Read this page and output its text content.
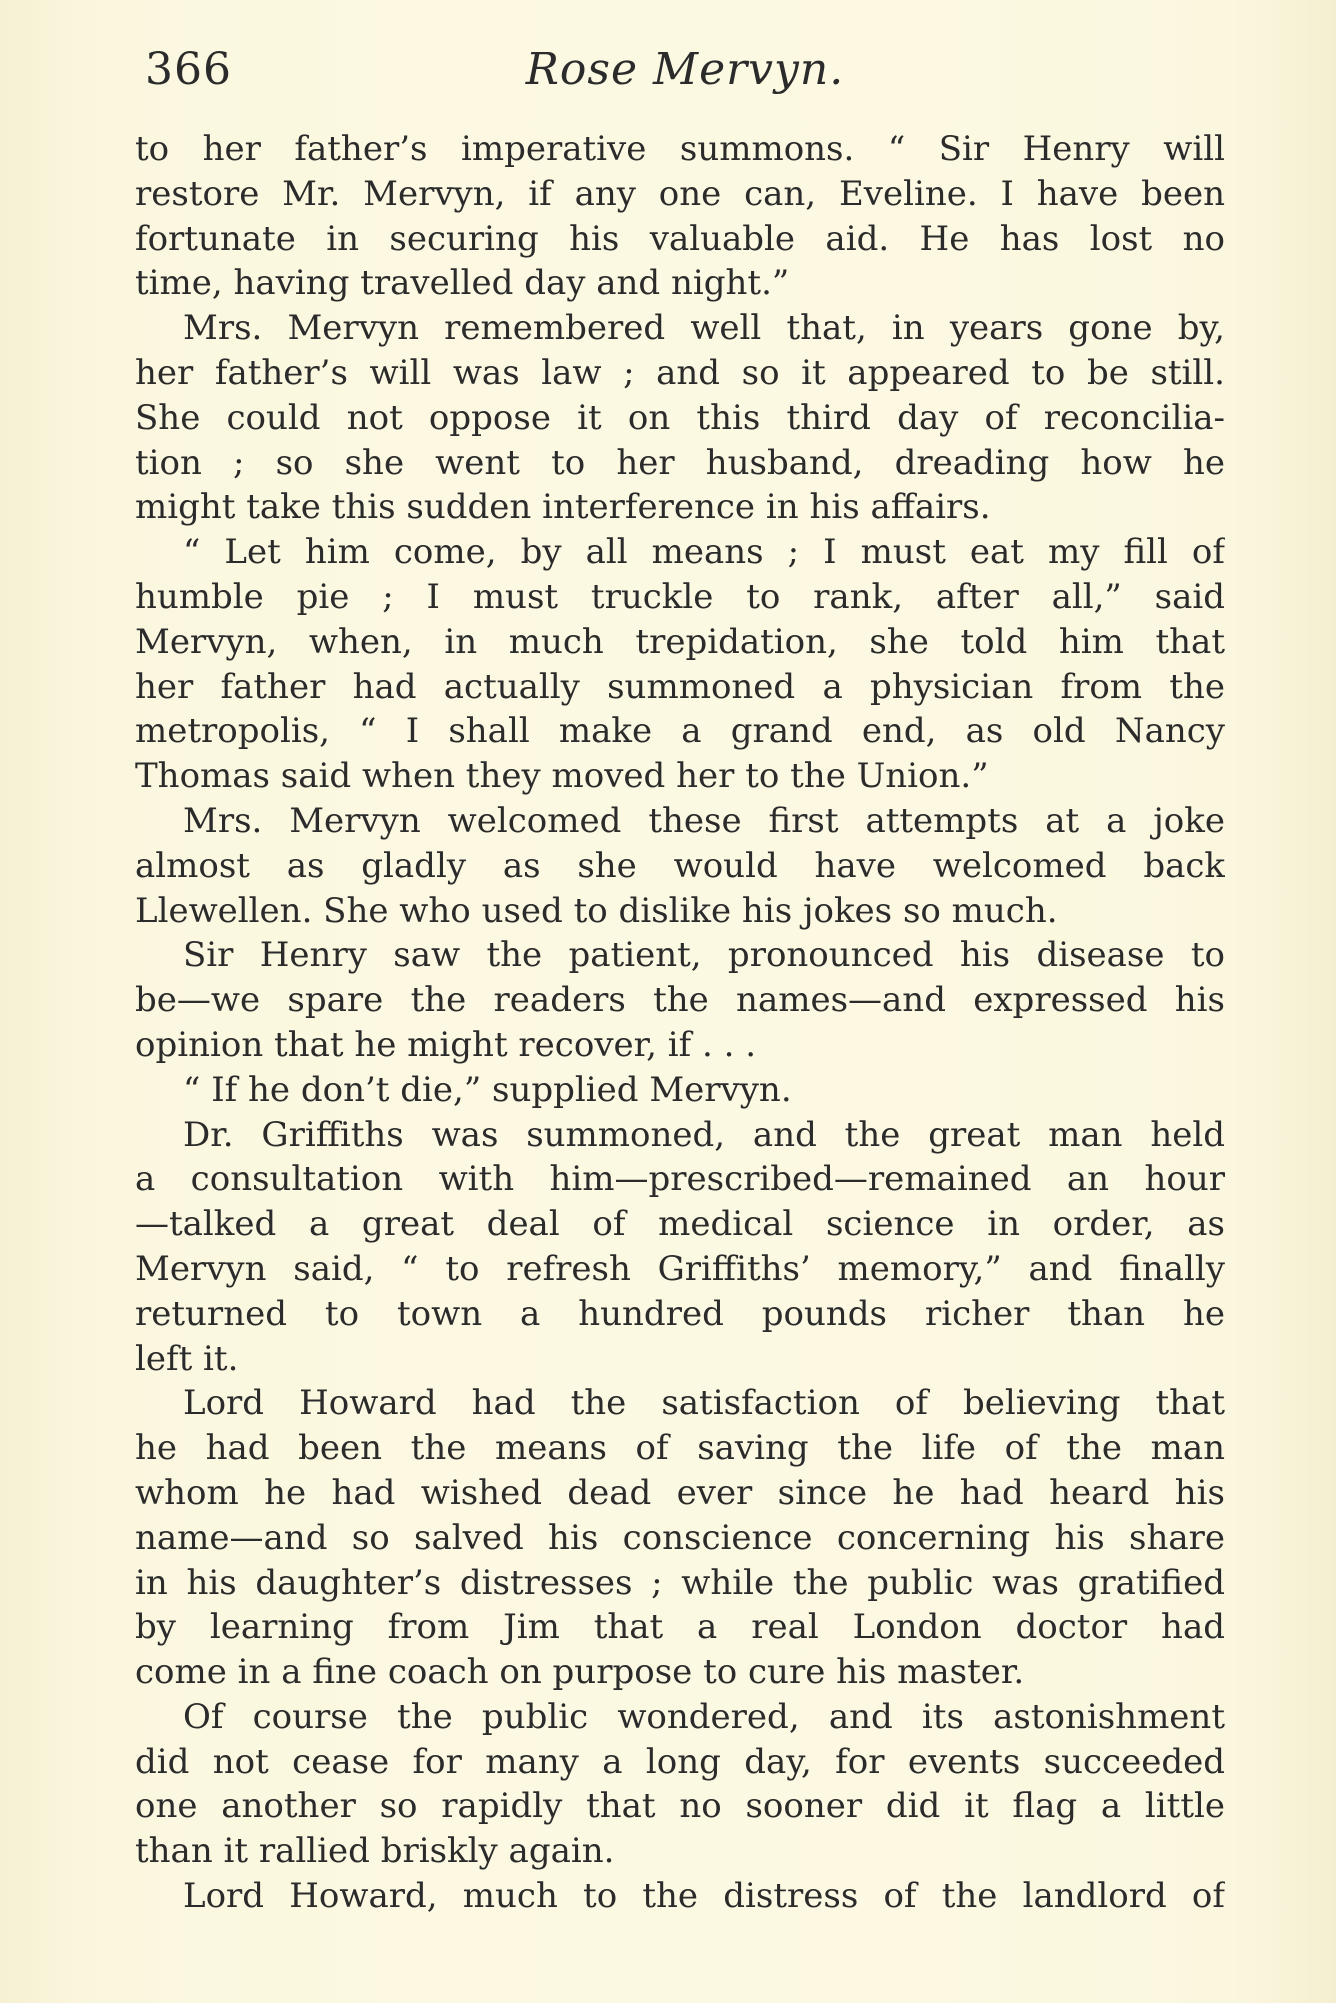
366	Rose Mervyn.
to her father’s imperative summons. “ Sir Henry will
restore Mr. Mervyn, if any one can, Eveline. I have been
fortunate in securing his valuable aid. He has lost no
time, having travelled day and night.”
Mrs. Mervyn remembered well that, in years gone by,
her father’s will was law ; and so it appeared to be still.
She could not oppose it on this third day of reconcilia-
tion ; so she went to her husband, dreading how he
might take this sudden interference in his affairs.
“ Let him come, by all means ; I must eat my fill of
humble pie ; I must truckle to rank, after all,” said
Mervyn, when, in much trepidation, she told him that
her father had actually summoned a physician from the
metropolis, “ I shall make a grand end, as old Nancy
Thomas said when they moved her to the Union.”
Mrs. Mervyn welcomed these first attempts at a joke
almost as gladly as she would have welcomed back
Llewellen. She who used to dislike his jokes so much.
Sir Henry saw the patient, pronounced his disease to
be—we spare the readers the names—and expressed his
opinion that he might recover, if . . .
“ If he don’t die,” supplied Mervyn.
Dr. Griffiths was summoned, and the great man held
a consultation with him—prescribed—remained an hour
—talked a great deal of medical science in order, as
Mervyn said, “ to refresh Griffiths’ memory,” and finally
returned to town a hundred pounds richer than he
left it.
Lord Howard had the satisfaction of believing that
he had been the means of saving the life of the man
whom he had wished dead ever since he had heard his
name—and so salved his conscience concerning his share
in his daughter’s distresses ; while the public was gratified
by learning from Jim that a real London doctor had
come in a fine coach on purpose to cure his master.
Of course the public wondered, and its astonishment
did not cease for many a long day, for events succeeded
one another so rapidly that no sooner did it flag a little
than it rallied briskly again.
Lord Howard, much to the distress of the landlord of
